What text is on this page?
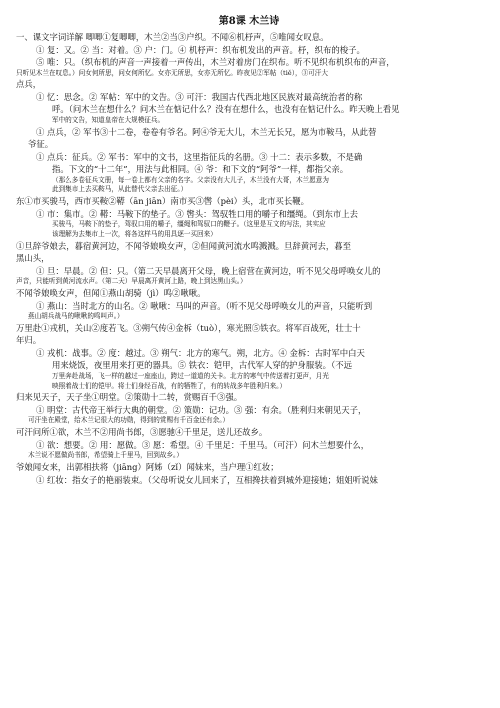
第8课 木兰诗
一、课文字词详解 唧唧①复唧唧，木兰②当③户织。不闻⑥机杼声，⑤唯闻女叹息。
① 复：又。② 当：对着。③ 户：门。④ 机杼声：织布机发出的声音。杼，织布的梭子。
⑤ 唯：只。（织布机的声音一声接着一声传出，木兰对着房门在织布。听不见织布机织布的声音，
只听见木兰在叹息。）问女何所思，问女何所忆。女亦无所思，女亦无所忆。昨夜见②军帖（tiě），③可汗大
点兵，
① 忆：思念。② 军帖：军中的文告。③ 可汗：我国古代西北地区民族对最高统治者的称
呼。（问木兰在想什么？问木兰在惦记什么？没有在想什么，也没有在惦记什么。昨天晚上看见
军中的文告，知道皇帝在大规模征兵。
① 点兵，② 军书③十二卷，卷卷有爷名。阿④爷无大儿，木兰无长兄，愿为市鞍马，从此替
爷征。
① 点兵：征兵。② 军书：军中的文书，这里指征兵的名册。③ 十二：表示多数，不是确
指。下文的“十二年”，用法与此相同。④ 爷：和下文的“阿爷”一样，都指父亲。
（那么多卷征兵文册，每一卷上都有父亲的名字。父亲没有大儿子，木兰没有大哥，木兰愿意为
此到集市上去买鞍马，从此替代父亲去出征。）
东①市买骏马，西市买鞍②鞯（ān jiān）南市买③辔（pèi）头，北市买长鞭。
① 市：集市。② 鞯：马鞍下的垫子。③ 辔头：驾驭牲口用的嚼子和缰绳。（到东市上去
买骏马，马鞍下的垫子，驾驭口用的嚼子，缰绳和驾驭口的鞭子。（这里是互文的写法，其实应
该理解为去集市上一次，将各这样马的用具逐一买回来）
①旦辞爷娘去，暮宿黄河边，不闻爷娘唤女声，②但闻黄河流水鸣溅溅。旦辞黄河去，暮至
黑山头，
① 旦：早晨。② 但：只。（第二天早晨离开父母，晚上宿营在黄河边，听不见父母呼唤女儿的
声音，只能听到黄河流水声。（第二天）早晨离开黄河上路，晚上到达黑山头。）
不闻爷娘唤女声，但闻①燕山胡骑（jì）鸣②啾啾。
① 燕山：当时北方的山名。② 啾啾：马叫的声音。（听不见父母呼唤女儿的声音，只能听到
燕山胡兵战马的啾啾的鸣叫声。）
万里赴①戎机，关山②度若飞。③朔气传④金柝（tuò），寒光照⑤铁衣。将军百战死，壮士十
年归。
① 戎机：战事。② 度：越过。③ 朔气：北方的寒气。朔，北方。④ 金柝：古时军中白天
用来烧饭，夜里用来打更的器具。⑤ 铁衣：铠甲，古代军人穿的护身服装。（不远
万里奔赴战场，飞一样的越过一座座山，跨过一道道的关卡。北方的寒气中传送着打更声，月光
映照着战士们的铠甲。将士们身经百战，有的牺牲了，有的转战多年胜利归来。）
归来见天子，天子坐①明堂。②策勋十二转，赏赐百千③强。
① 明堂：古代帝王举行大典的朝堂。② 策勋：记功。③ 强：有余。（胜利归来朝见天子，
可汗坐在殿堂，给木兰记很大的功勋，得到的赏赐有千百金还有余。）
可汗问所①欲，木兰不②用尚书郎，③愿驰④千里足，送儿还故乡。
① 欲：想要。② 用：愿做。③ 愿：希望。④ 千里足：千里马。（可汗）问木兰想要什么，
木兰说不愿做尚书郎，希望骑上千里马，回到故乡。）
爷娘闻女来，出郭相扶将（jiāng）阿姊（zǐ）闻妹来，当户理①红妆；
① 红妆：指女子的艳丽装束。（父母听说女儿回来了，互相搀扶着到城外迎接她；姐姐听说妹
